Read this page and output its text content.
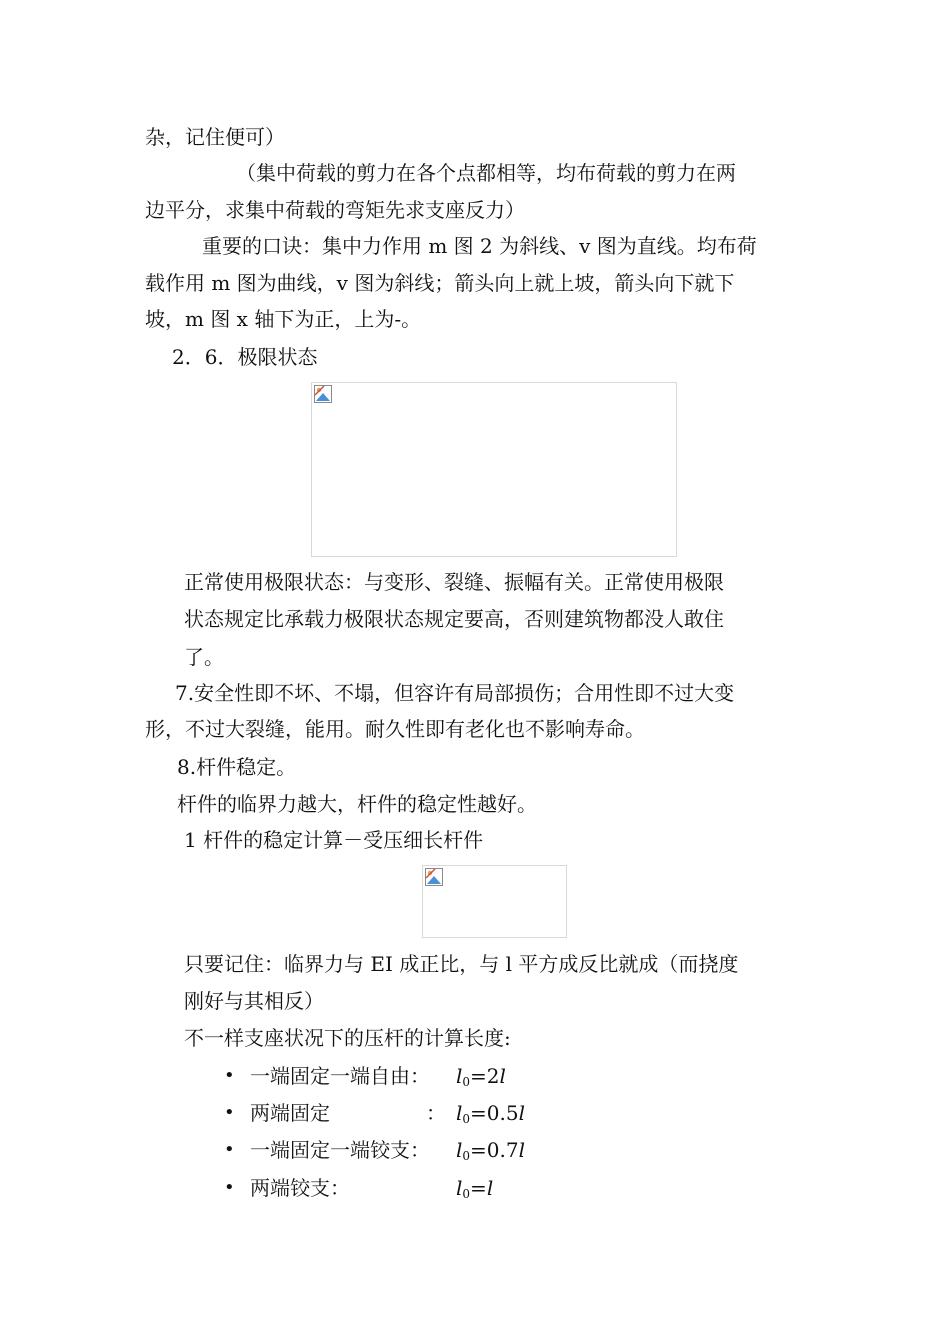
杂，记住便可）
（集中荷载的剪力在各个点都相等，均布荷载的剪力在两
边平分，求集中荷载的弯矩先求支座反力）
重要的口诀：集中力作用 m 图 2 为斜线、v 图为直线。均布荷
载作用 m 图为曲线，v 图为斜线；箭头向上就上坡，箭头向下就下
坡，m 图 x 轴下为正，上为-。
2．6．极限状态
正常使用极限状态：与变形、裂缝、振幅有关。正常使用极限
状态规定比承载力极限状态规定要高，否则建筑物都没人敢住
了。
7.安全性即不坏、不塌，但容许有局部损伤；合用性即不过大变
形，不过大裂缝，能用。耐久性即有老化也不影响寿命。
8.杆件稳定。
杆件的临界力越大，杆件的稳定性越好。
1 杆件的稳定计算－受压细长杆件
只要记住：临界力与 EI 成正比，与 l 平方成反比就成（而挠度
刚好与其相反）
不一样支座状况下的压杆的计算长度:
• 一端固定一端自由： $l_0=2l$
• 两端固定	： $l_0=0.5l$
• 一端固定一端铰支： $l_0=0.7l$
• 两端铰支：	$l_0=l$
